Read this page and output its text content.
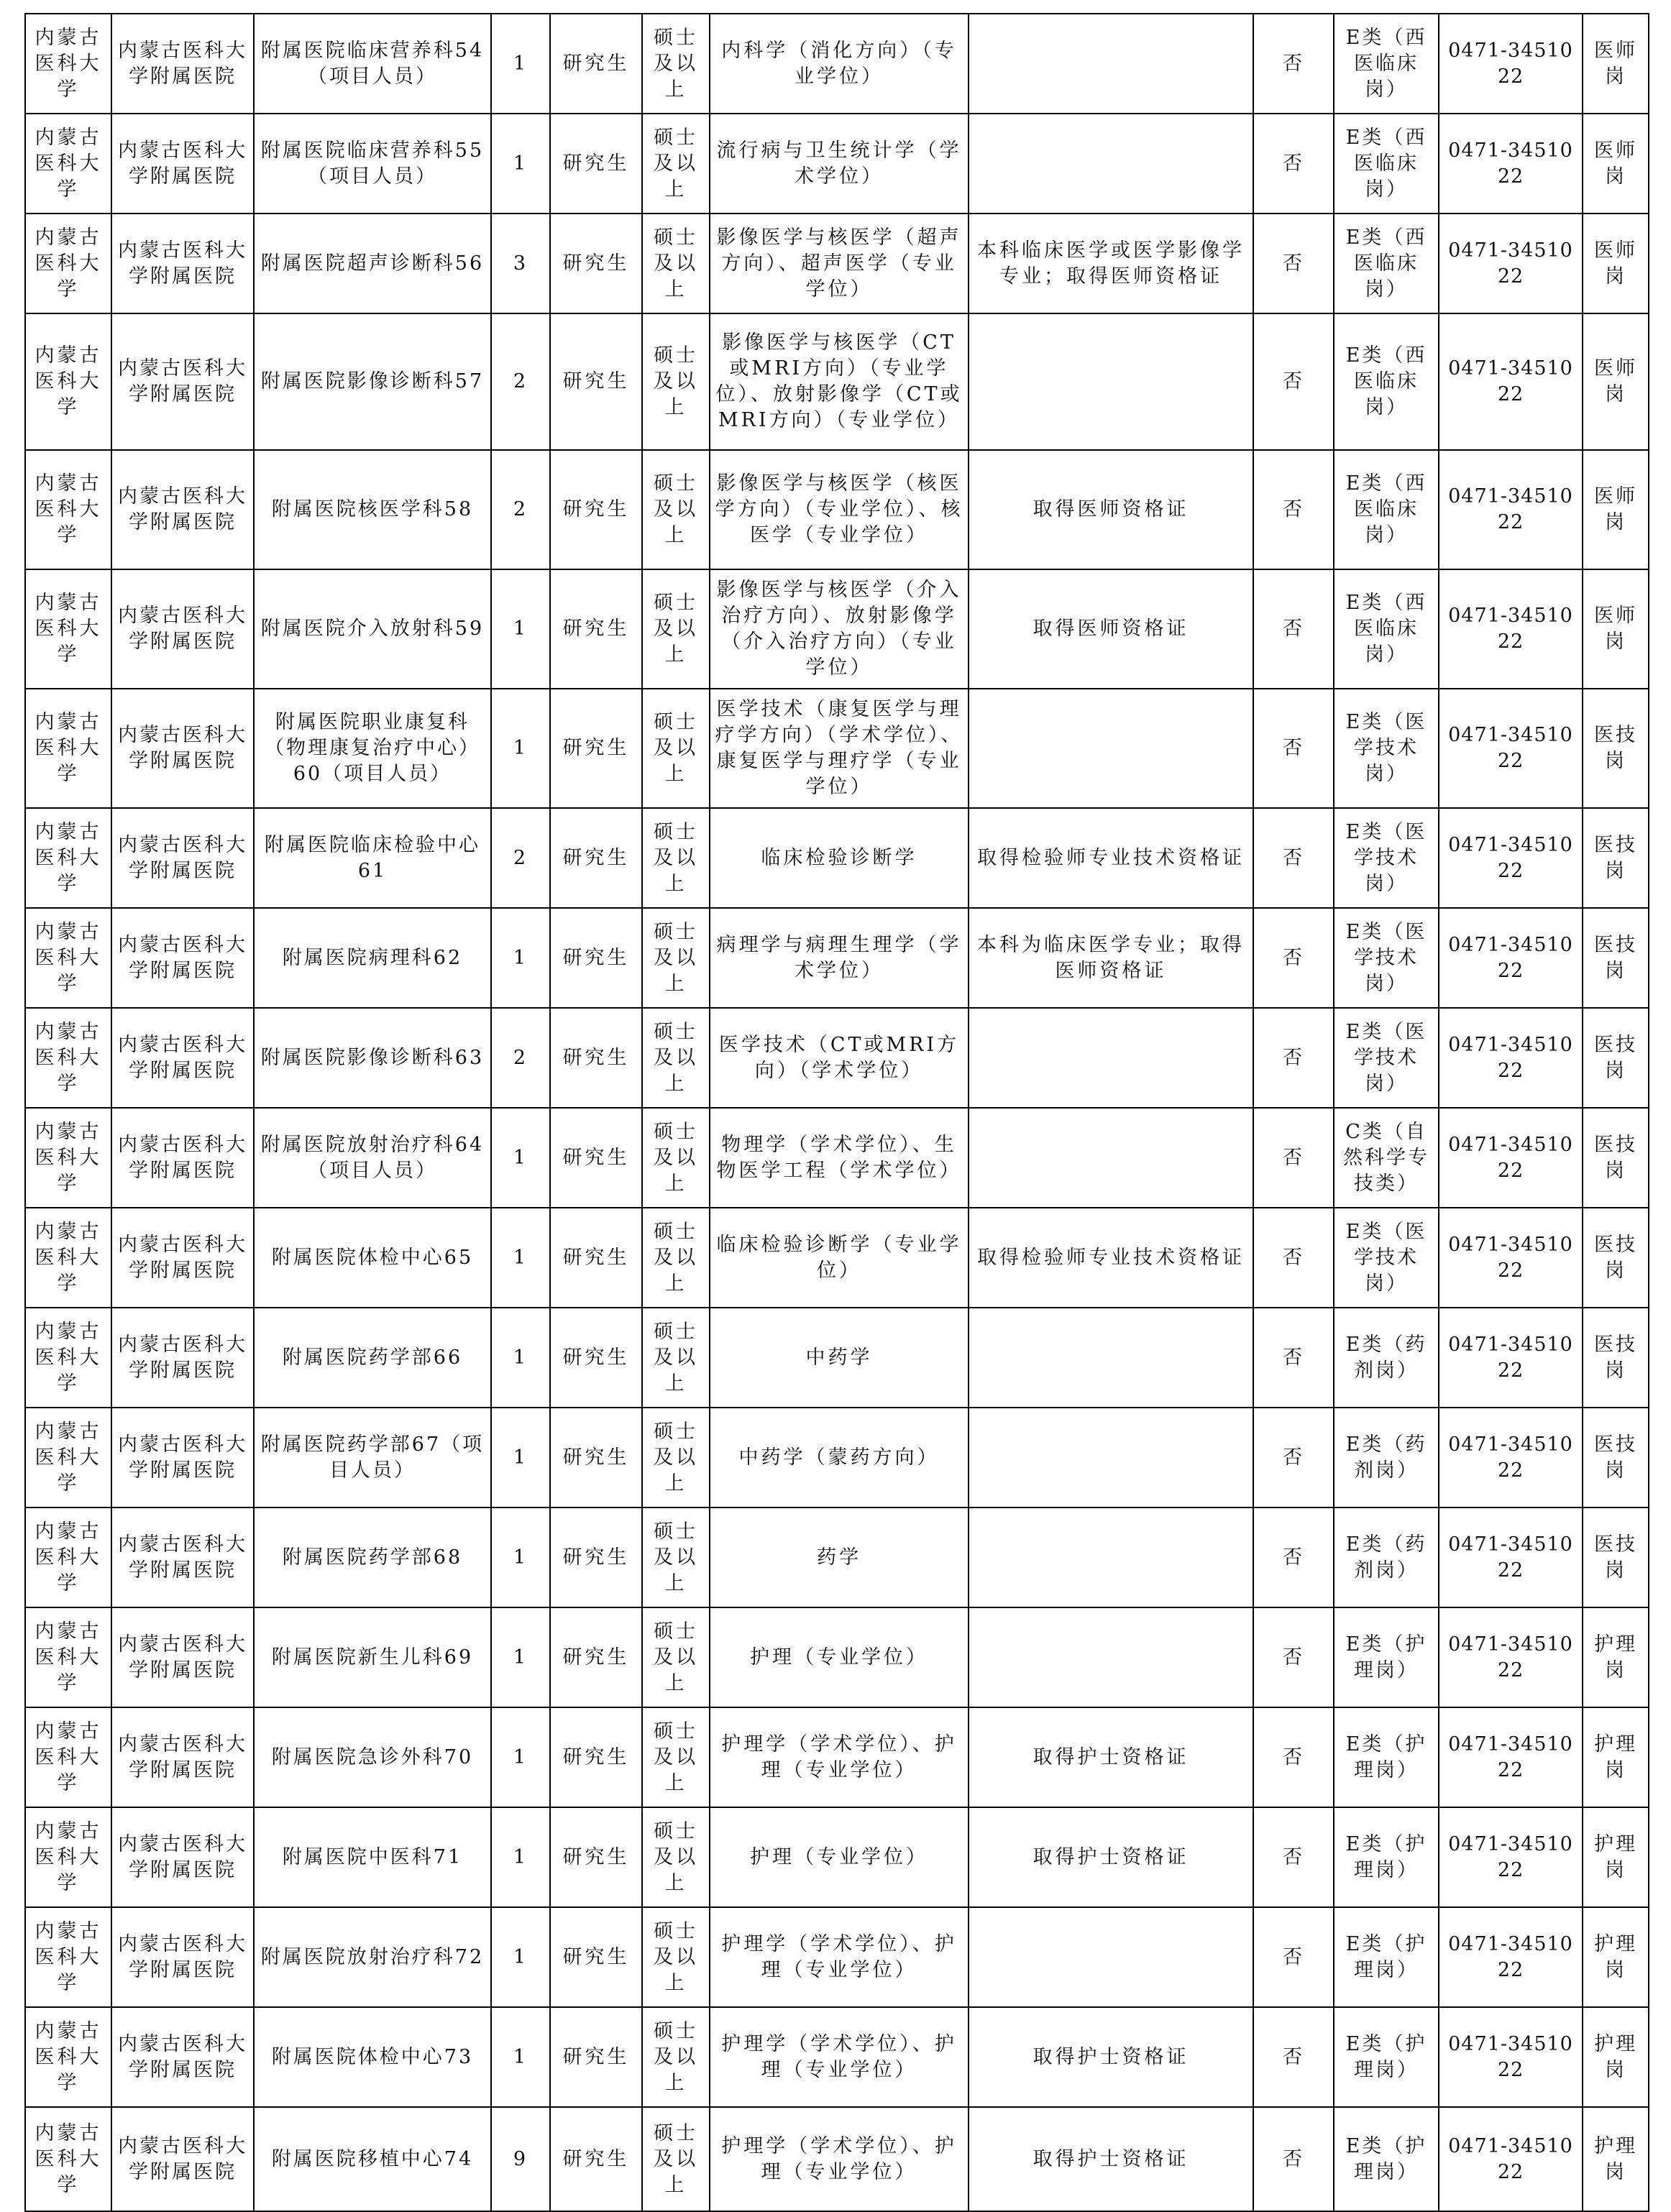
内蒙古医科大学	内蒙古医科大学附属医院	附属医院临床营养科54（项目人员）	1	研究生	硕士及以上	内科学（消化方向）（专业学位）		否	E类（西医临床岗）	0471-3451022	医师岗
内蒙古医科大学	内蒙古医科大学附属医院	附属医院临床营养科55（项目人员）	1	研究生	硕士及以上	流行病与卫生统计学（学术学位）		否	E类（西医临床岗）	0471-3451022	医师岗
内蒙古医科大学	内蒙古医科大学附属医院	附属医院超声诊断科56	3	研究生	硕士及以上	影像医学与核医学（超声方向）、超声医学（专业学位）	本科临床医学或医学影像学专业；取得医师资格证	否	E类（西医临床岗）	0471-3451022	医师岗
内蒙古医科大学	内蒙古医科大学附属医院	附属医院影像诊断科57	2	研究生	硕士及以上	影像医学与核医学（CT或MRI方向）（专业学位）、放射影像学（CT或MRI方向）（专业学位）		否	E类（西医临床岗）	0471-3451022	医师岗
内蒙古医科大学	内蒙古医科大学附属医院	附属医院核医学科58	2	研究生	硕士及以上	影像医学与核医学（核医学方向）（专业学位）、核医学（专业学位）	取得医师资格证	否	E类（西医临床岗）	0471-3451022	医师岗
内蒙古医科大学	内蒙古医科大学附属医院	附属医院介入放射科59	1	研究生	硕士及以上	影像医学与核医学（介入治疗方向）、放射影像学（介入治疗方向）（专业学位）	取得医师资格证	否	E类（西医临床岗）	0471-3451022	医师岗
内蒙古医科大学	内蒙古医科大学附属医院	附属医院职业康复科（物理康复治疗中心）60（项目人员）	1	研究生	硕士及以上	医学技术（康复医学与理疗学方向）（学术学位）、康复医学与理疗学（专业学位）		否	E类（医学技术岗）	0471-3451022	医技岗
内蒙古医科大学	内蒙古医科大学附属医院	附属医院临床检验中心61	2	研究生	硕士及以上	临床检验诊断学	取得检验师专业技术资格证	否	E类（医学技术岗）	0471-3451022	医技岗
内蒙古医科大学	内蒙古医科大学附属医院	附属医院病理科62	1	研究生	硕士及以上	病理学与病理生理学（学术学位）	本科为临床医学专业；取得医师资格证	否	E类（医学技术岗）	0471-3451022	医技岗
内蒙古医科大学	内蒙古医科大学附属医院	附属医院影像诊断科63	2	研究生	硕士及以上	医学技术（CT或MRI方向）（学术学位）		否	E类（医学技术岗）	0471-3451022	医技岗
内蒙古医科大学	内蒙古医科大学附属医院	附属医院放射治疗科64（项目人员）	1	研究生	硕士及以上	物理学（学术学位）、生物医学工程（学术学位）		否	C类（自然科学专技类）	0471-3451022	医技岗
内蒙古医科大学	内蒙古医科大学附属医院	附属医院体检中心65	1	研究生	硕士及以上	临床检验诊断学（专业学位）	取得检验师专业技术资格证	否	E类（医学技术岗）	0471-3451022	医技岗
内蒙古医科大学	内蒙古医科大学附属医院	附属医院药学部66	1	研究生	硕士及以上	中药学		否	E类（药剂岗）	0471-3451022	医技岗
内蒙古医科大学	内蒙古医科大学附属医院	附属医院药学部67（项目人员）	1	研究生	硕士及以上	中药学（蒙药方向）		否	E类（药剂岗）	0471-3451022	医技岗
内蒙古医科大学	内蒙古医科大学附属医院	附属医院药学部68	1	研究生	硕士及以上	药学		否	E类（药剂岗）	0471-3451022	医技岗
内蒙古医科大学	内蒙古医科大学附属医院	附属医院新生儿科69	1	研究生	硕士及以上	护理（专业学位）		否	E类（护理岗）	0471-3451022	护理岗
内蒙古医科大学	内蒙古医科大学附属医院	附属医院急诊外科70	1	研究生	硕士及以上	护理学（学术学位）、护理（专业学位）	取得护士资格证	否	E类（护理岗）	0471-3451022	护理岗
内蒙古医科大学	内蒙古医科大学附属医院	附属医院中医科71	1	研究生	硕士及以上	护理（专业学位）	取得护士资格证	否	E类（护理岗）	0471-3451022	护理岗
内蒙古医科大学	内蒙古医科大学附属医院	附属医院放射治疗科72	1	研究生	硕士及以上	护理学（学术学位）、护理（专业学位）		否	E类（护理岗）	0471-3451022	护理岗
内蒙古医科大学	内蒙古医科大学附属医院	附属医院体检中心73	1	研究生	硕士及以上	护理学（学术学位）、护理（专业学位）	取得护士资格证	否	E类（护理岗）	0471-3451022	护理岗
内蒙古医科大学	内蒙古医科大学附属医院	附属医院移植中心74	9	研究生	硕士及以上	护理学（学术学位）、护理（专业学位）	取得护士资格证	否	E类（护理岗）	0471-3451022	护理岗
